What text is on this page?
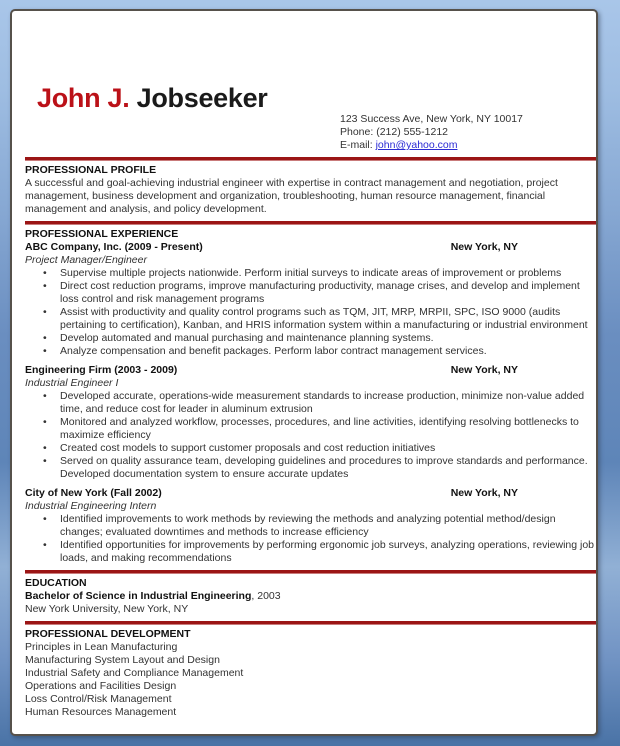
John J. Jobseeker
123 Success Ave, New York, NY 10017
Phone: (212) 555-1212
E-mail: john@yahoo.com
PROFESSIONAL PROFILE

A successful and goal-achieving industrial engineer with expertise in contract management and negotiation, project management, business development and organization, troubleshooting, human resource management, financial management and analysis, and policy development.

PROFESSIONAL EXPERIENCE
ABC Company, Inc. (2009 - Present)	New York, NY
Project Manager/Engineer
• Supervise multiple projects nationwide. Perform initial surveys to indicate areas of improvement or problems
• Direct cost reduction programs, improve manufacturing productivity, manage crises, and develop and implement loss control and risk management programs
• Assist with productivity and quality control programs such as TQM, JIT, MRP, MRPII, SPC, ISO 9000 (audits pertaining to certification), Kanban, and HRIS information system within a manufacturing or industrial environment
• Develop automated and manual purchasing and maintenance planning systems.
• Analyze compensation and benefit packages. Perform labor contract management services.
Engineering Firm (2003 - 2009)	New York, NY
Industrial Engineer I
• Developed accurate, operations-wide measurement standards to increase production, minimize non-value added time, and reduce cost for leader in aluminum extrusion
• Monitored and analyzed workflow, processes, procedures, and line activities, identifying resolving bottlenecks to maximize efficiency
• Created cost models to support customer proposals and cost reduction initiatives
• Served on quality assurance team, developing guidelines and procedures to improve standards and performance. Developed documentation system to ensure accurate updates
City of New York (Fall 2002)	New York, NY
Industrial Engineering Intern
• Identified improvements to work methods by reviewing the methods and analyzing potential method/design changes; evaluated downtimes and methods to increase efficiency
• Identified opportunities for improvements by performing ergonomic job surveys, analyzing operations, reviewing job loads, and making recommendations
EDUCATION
Bachelor of Science in Industrial Engineering, 2003
New York University, New York, NY
PROFESSIONAL DEVELOPMENT
Principles in Lean Manufacturing
Manufacturing System Layout and Design
Industrial Safety and Compliance Management
Operations and Facilities Design
Loss Control/Risk Management
Human Resources Management
